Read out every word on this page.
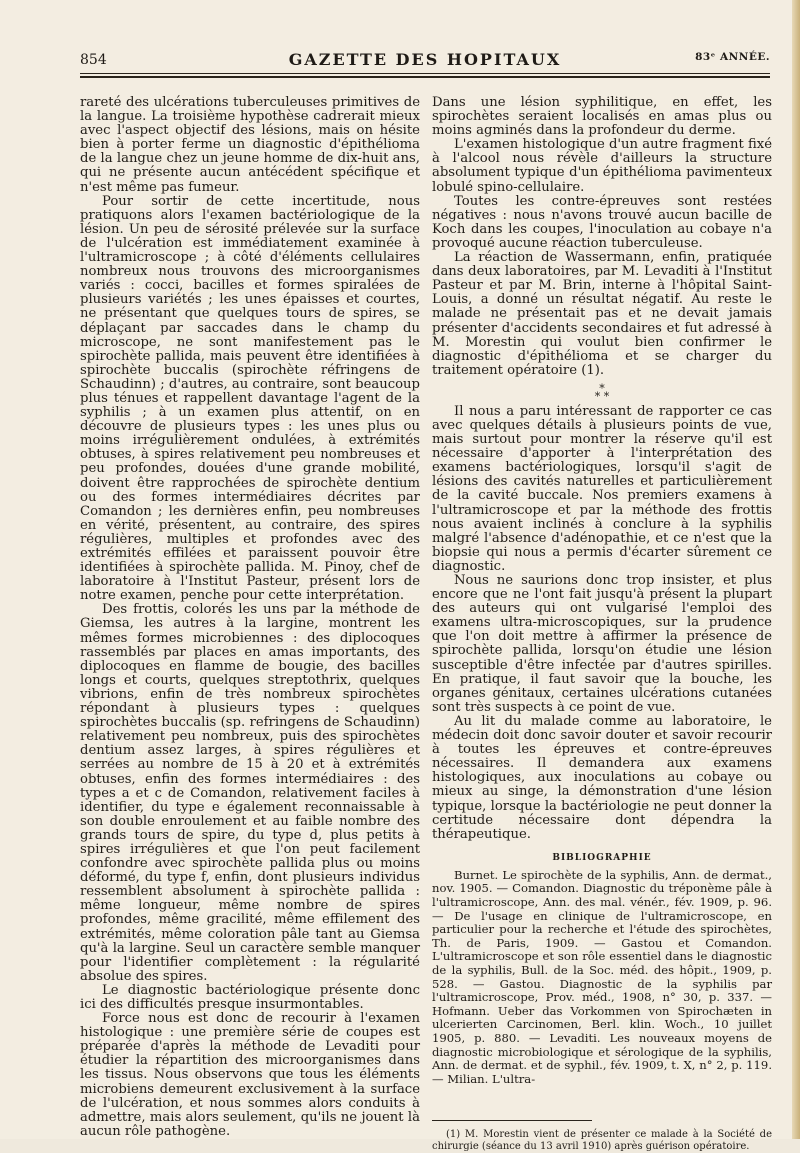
854	GAZETTE DES HOPITAUX	83ᵉ ANNÉE.

rareté des ulcérations tuberculeuses primitives de la langue. La troisième hypothèse cadrerait mieux avec l'aspect objectif des lésions, mais on hésite bien à porter ferme un diagnostic d'épithélioma de la langue chez un jeune homme de dix-huit ans, qui ne présente aucun antécédent spécifique et n'est même pas fumeur.

Pour sortir de cette incertitude, nous pratiquons alors l'examen bactériologique de la lésion. Un peu de sérosité prélevée sur la surface de l'ulcération est immédiatement examinée à l'ultramicroscope ; à côté d'éléments cellulaires nombreux nous trouvons des microorganismes variés : cocci, bacilles et formes spiralées de plusieurs variétés ; les unes épaisses et courtes, ne présentant que quelques tours de spires, se déplaçant par saccades dans le champ du microscope, ne sont manifestement pas le spirochète pallida, mais peuvent être identifiées à spirochète buccalis (spirochète réfringens de Schaudinn) ; d'autres, au contraire, sont beaucoup plus ténues et rappellent davantage l'agent de la syphilis ; à un examen plus attentif, on en découvre de plusieurs types : les unes plus ou moins irrégulièrement ondulées, à extrémités obtuses, à spires relativement peu nombreuses et peu profondes, douées d'une grande mobilité, doivent être rapprochées de spirochète dentium ou des formes intermédiaires décrites par Comandon ; les dernières enfin, peu nombreuses en vérité, présentent, au contraire, des spires régulières, multiples et profondes avec des extrémités effilées et paraissent pouvoir être identifiées à spirochète pallida. M. Pinoy, chef de laboratoire à l'Institut Pasteur, présent lors de notre examen, penche pour cette interprétation.

Des frottis, colorés les uns par la méthode de Giemsa, les autres à la largine, montrent les mêmes formes microbiennes : des diplocoques rassemblés par places en amas importants, des diplocoques en flamme de bougie, des bacilles longs et courts, quelques streptothrix, quelques vibrions, enfin de très nombreux spirochètes répondant à plusieurs types : quelques spirochètes buccalis (sp. refringens de Schaudinn) relativement peu nombreux, puis des spirochètes dentium assez larges, à spires régulières et serrées au nombre de 15 à 20 et à extrémités obtuses, enfin des formes intermédiaires : des types a et c de Comandon, relativement faciles à identifier, du type e également reconnaissable à son double enroulement et au faible nombre des grands tours de spire, du type d, plus petits à spires irrégulières et que l'on peut facilement confondre avec spirochète pallida plus ou moins déformé, du type f, enfin, dont plusieurs individus ressemblent absolument à spirochète pallida : même longueur, même nombre de spires profondes, même gracilité, même effilement des extrémités, même coloration pâle tant au Giemsa qu'à la largine. Seul un caractère semble manquer pour l'identifier complètement : la régularité absolue des spires.

Le diagnostic bactériologique présente donc ici des difficultés presque insurmontables.

Force nous est donc de recourir à l'examen histologique : une première série de coupes est préparée d'après la méthode de Levaditi pour étudier la répartition des microorganismes dans les tissus. Nous observons que tous les éléments microbiens demeurent exclusivement à la surface de l'ulcération, et nous sommes alors conduits à admettre, mais alors seulement, qu'ils ne jouent là aucun rôle pathogène.

Dans une lésion syphilitique, en effet, les spirochètes seraient localisés en amas plus ou moins agminés dans la profondeur du derme.

L'examen histologique d'un autre fragment fixé à l'alcool nous révèle d'ailleurs la structure absolument typique d'un épithélioma pavimenteux lobulé spino-cellulaire.

Toutes les contre-épreuves sont restées négatives : nous n'avons trouvé aucun bacille de Koch dans les coupes, l'inoculation au cobaye n'a provoqué aucune réaction tuberculeuse.

La réaction de Wassermann, enfin, pratiquée dans deux laboratoires, par M. Levaditi à l'Institut Pasteur et par M. Brin, interne à l'hôpital Saint-Louis, a donné un résultat négatif. Au reste le malade ne présentait pas et ne devait jamais présenter d'accidents secondaires et fut adressé à M. Morestin qui voulut bien confirmer le diagnostic d'épithélioma et se charger du traitement opératoire (1).

*
* *

Il nous a paru intéressant de rapporter ce cas avec quelques détails à plusieurs points de vue, mais surtout pour montrer la réserve qu'il est nécessaire d'apporter à l'interprétation des examens bactériologiques, lorsqu'il s'agit de lésions des cavités naturelles et particulièrement de la cavité buccale. Nos premiers examens à l'ultramicroscope et par la méthode des frottis nous avaient inclinés à conclure à la syphilis malgré l'absence d'adénopathie, et ce n'est que la biopsie qui nous a permis d'écarter sûrement ce diagnostic.

Nous ne saurions donc trop insister, et plus encore que ne l'ont fait jusqu'à présent la plupart des auteurs qui ont vulgarisé l'emploi des examens ultra-microscopiques, sur la prudence que l'on doit mettre à affirmer la présence de spirochète pallida, lorsqu'on étudie une lésion susceptible d'être infectée par d'autres spirilles. En pratique, il faut savoir que la bouche, les organes génitaux, certaines ulcérations cutanées sont très suspects à ce point de vue.

Au lit du malade comme au laboratoire, le médecin doit donc savoir douter et savoir recourir à toutes les épreuves et contre-épreuves nécessaires. Il demandera aux examens histologiques, aux inoculations au cobaye ou mieux au singe, la démonstration d'une lésion typique, lorsque la bactériologie ne peut donner la certitude nécessaire dont dépendra la thérapeutique.

BIBLIOGRAPHIE

Burnet. Le spirochète de la syphilis, Ann. de dermat., nov. 1905. — Comandon. Diagnostic du tréponème pâle à l'ultramicroscope, Ann. des mal. vénér., fév. 1909, p. 96. — De l'usage en clinique de l'ultramicroscope, en particulier pour la recherche et l'étude des spirochètes, Th. de Paris, 1909. — Gastou et Comandon. L'ultramicroscope et son rôle essentiel dans le diagnostic de la syphilis, Bull. de la Soc. méd. des hôpit., 1909, p. 528. — Gastou. Diagnostic de la syphilis par l'ultramicroscope, Prov. méd., 1908, n° 30, p. 337. — Hofmann. Ueber das Vorkommen von Spirochæten in ulcerierten Carcinomen, Berl. klin. Woch., 10 juillet 1905, p. 880. — Levaditi. Les nouveaux moyens de diagnostic microbiologique et sérologique de la syphilis, Ann. de dermat. et de syphil., fév. 1909, t. X, n° 2, p. 119. — Milian. L'ultra-

(1) M. Morestin vient de présenter ce malade à la Société de chirurgie (séance du 13 avril 1910) après guérison opératoire.
